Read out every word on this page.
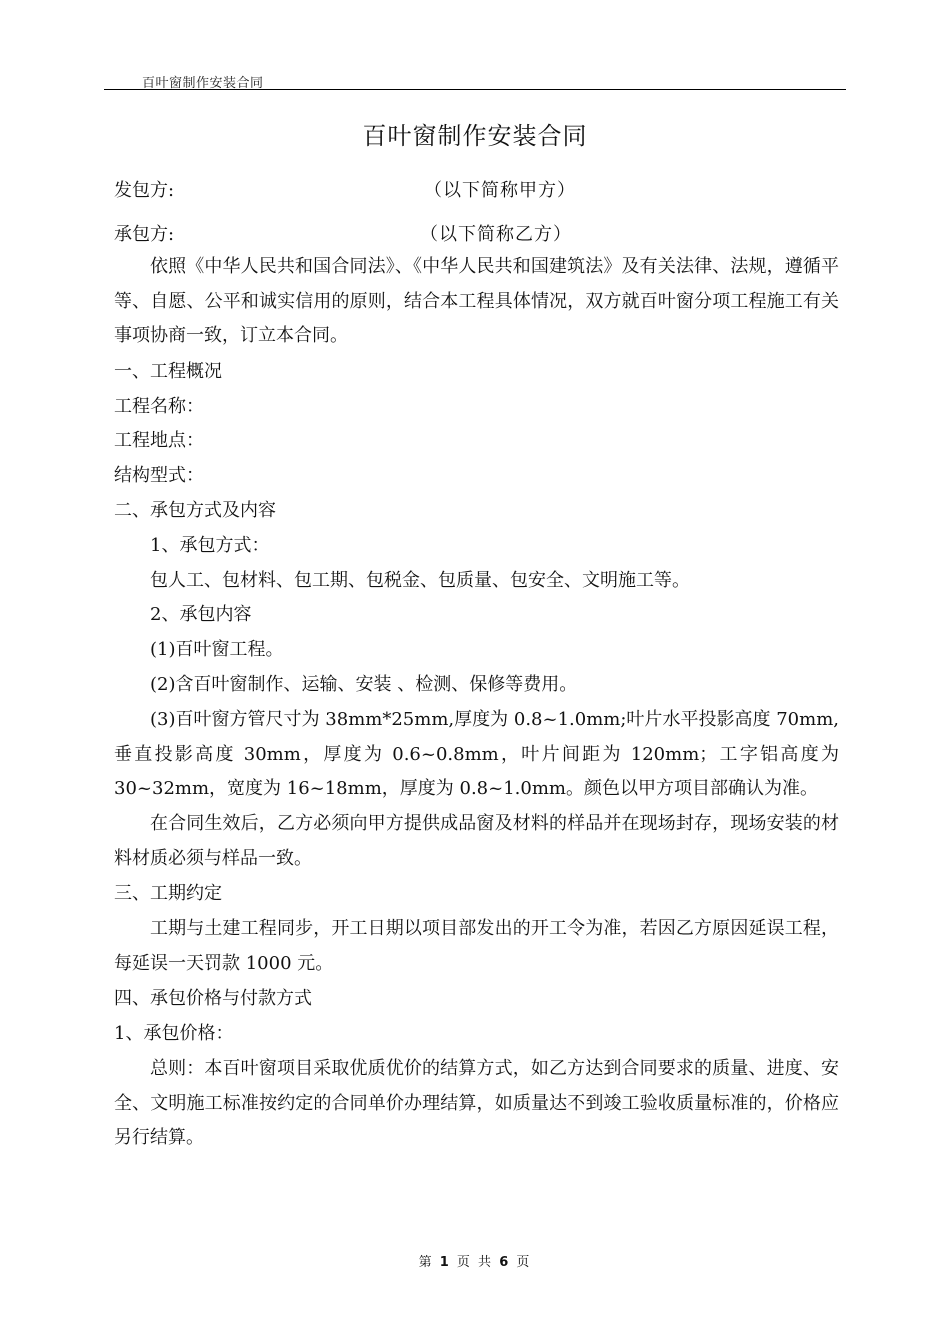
百叶窗制作安装合同
百叶窗制作安装合同
发包方:	（以下简称甲方）
承包方:	（以下简称乙方）
依照《中华人民共和国合同法》、《中华人民共和国建筑法》及有关法律、法规，遵循平等、自愿、公平和诚实信用的原则，结合本工程具体情况，双方就百叶窗分项工程施工有关事项协商一致，订立本合同。
一、工程概况
工程名称：
工程地点：
结构型式：
二、承包方式及内容
1、承包方式：
包人工、包材料、包工期、包税金、包质量、包安全、文明施工等。
2、承包内容
(1)百叶窗工程。
(2)含百叶窗制作、运输、安装 、检测、保修等费用。
(3)百叶窗方管尺寸为 38mm*25mm,厚度为 0.8~1.0mm;叶片水平投影高度 70mm,垂直投影高度 30mm，厚度为 0.6~0.8mm，叶片间距为 120mm；工字铝高度为 30~32mm，宽度为 16~18mm，厚度为 0.8~1.0mm。颜色以甲方项目部确认为准。
在合同生效后，乙方必须向甲方提供成品窗及材料的样品并在现场封存，现场安装的材料材质必须与样品一致。
三、工期约定
工期与土建工程同步，开工日期以项目部发出的开工令为准，若因乙方原因延误工程，每延误一天罚款 1000 元。
四、承包价格与付款方式
1、承包价格：
总则：本百叶窗项目采取优质优价的结算方式，如乙方达到合同要求的质量、进度、安全、文明施工标准按约定的合同单价办理结算，如质量达不到竣工验收质量标准的，价格应另行结算。
第 1 页 共 6 页
